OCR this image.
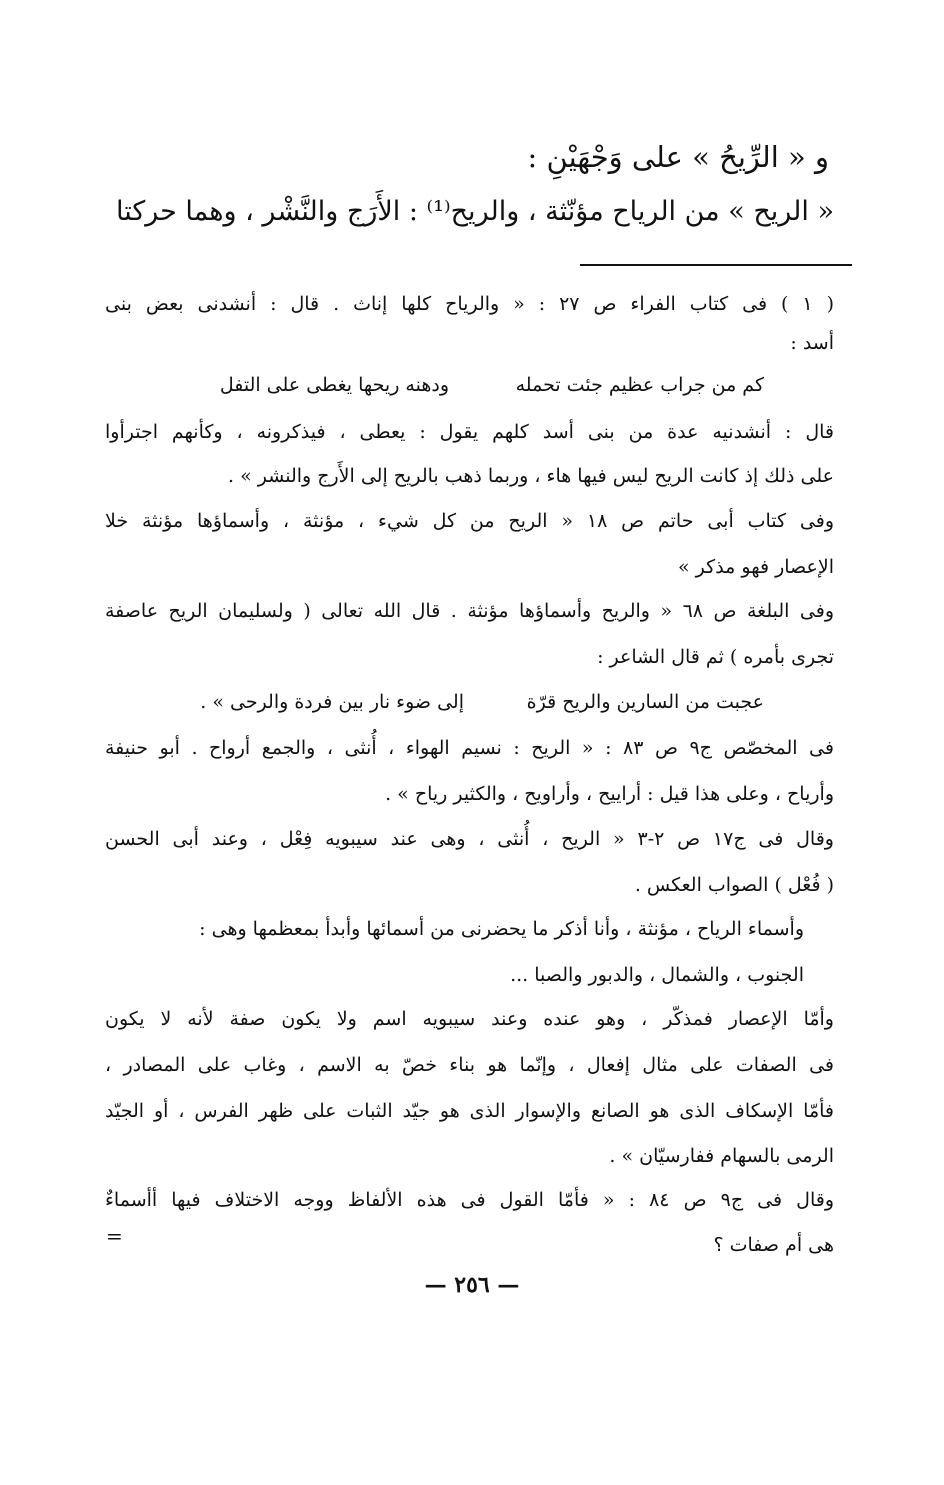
و « الرِّيحُ » على وَجْهَيْنِ :
« الريح » من الرياح مؤنّثة ، والريح⁽¹⁾ : الأَرَج والنَّشْر ، وهما حركتا
( ١ ) فى كتاب الفراء ص ٢٧ : « والرياح كلها إناث . قال : أنشدنى بعض بنى
أسد :
كم من جراب عظيم جئت تحمله
ودهنه ريحها يغطى على التفل
قال : أنشدنيه عدة من بنى أسد كلهم يقول : يعطى ، فيذكرونه ، وكأنهم اجترأوا
على ذلك إذ كانت الريح ليس فيها هاء ، وربما ذهب بالريح إلى الأَرج والنشر » .
وفى كتاب أبى حاتم ص ١٨ « الريح من كل شيء ، مؤنثة ، وأسماؤها مؤنثة خلا
الإعصار فهو مذكر »
وفى البلغة ص ٦٨ « والريح وأسماؤها مؤنثة . قال الله تعالى ( ولسليمان الريح عاصفة
تجرى بأمره ) ثم قال الشاعر :
عجبت من السارين والريح قرّة
إلى ضوء نار بين فردة والرحى » .
فى المخصّص ج٩ ص ٨٣ : « الريح : نسيم الهواء ، أُنثى ، والجمع أرواح . أبو حنيفة
وأرياح ، وعلى هذا قيل : أراييح ، وأراويح ، والكثير رياح » .
وقال فى ج١٧ ص ٢-٣ « الريح ، أُنثى ، وهى عند سيبويه فِعْل ، وعند أبى الحسن
( فُعْل ) الصواب العكس .
وأسماء الرياح ، مؤنثة ، وأنا أذكر ما يحضرنى من أسمائها وأبدأ بمعظمها وهى :
الجنوب ، والشمال ، والدبور والصبا ...
وأمّا الإعصار فمذكّر ، وهو عنده وعند سيبويه اسم ولا يكون صفة لأنه لا يكون
فى الصفات على مثال إفعال ، وإنّما هو بناء خصّ به الاسم ، وغاب على المصادر ،
فأمّا الإسكاف الذى هو الصانع والإسوار الذى هو جيّد الثبات على ظهر الفرس ، أو الجيّد
الرمى بالسهام ففارسيّان » .
وقال فى ج٩ ص ٨٤ : « فأمّا القول فى هذه الألفاظ ووجه الاختلاف فيها أأسماءٌ
هى أم صفات ؟
=
— ٢٥٦ —
